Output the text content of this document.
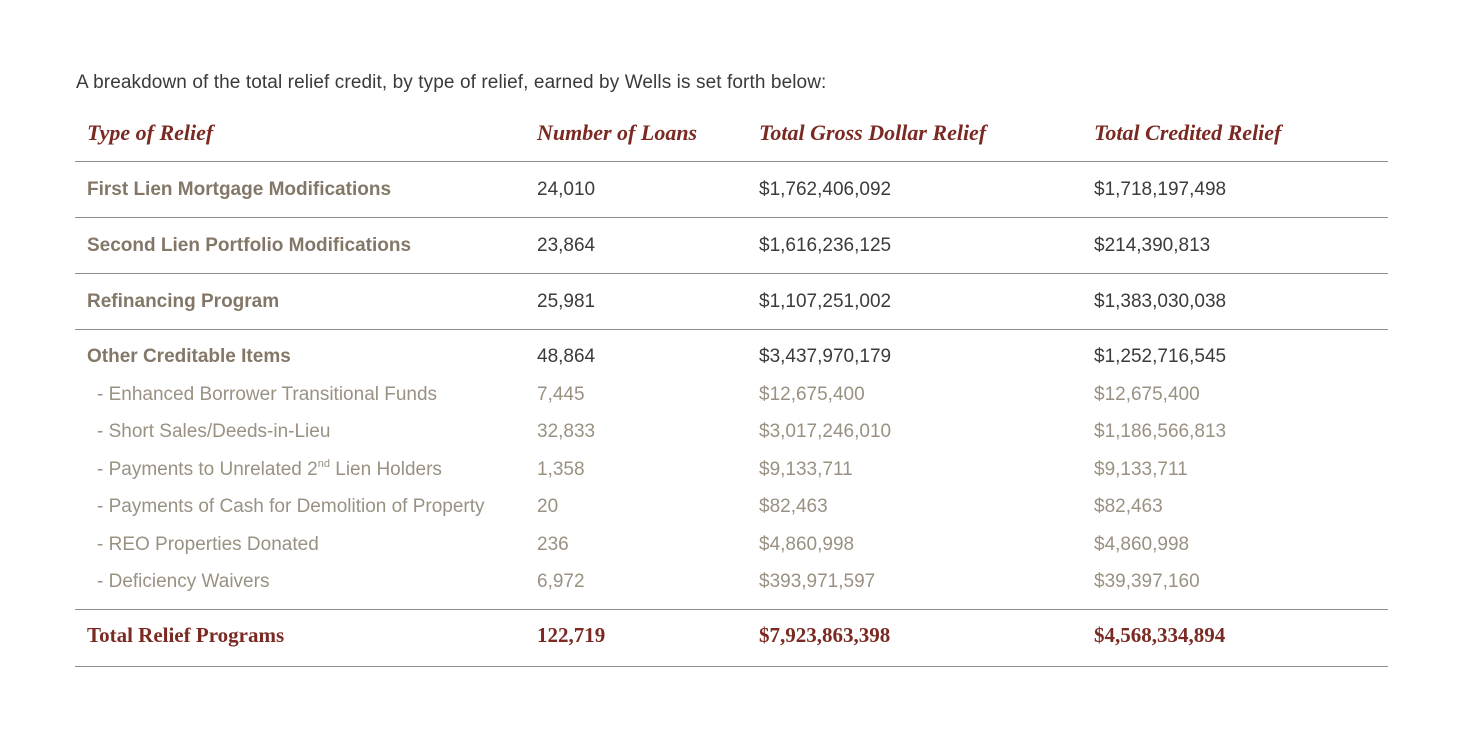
A breakdown of the total relief credit, by type of relief, earned by Wells is set forth below:
Type of Relief	Number of Loans	Total Gross Dollar Relief	Total Credited Relief
First Lien Mortgage Modifications	24,010	$1,762,406,092	$1,718,197,498
Second Lien Portfolio Modifications	23,864	$1,616,236,125	$214,390,813
Refinancing Program	25,981	$1,107,251,002	$1,383,030,038
Other Creditable Items	48,864	$3,437,970,179	$1,252,716,545
- Enhanced Borrower Transitional Funds	7,445	$12,675,400	$12,675,400
- Short Sales/Deeds-in-Lieu	32,833	$3,017,246,010	$1,186,566,813
- Payments to Unrelated 2nd Lien Holders	1,358	$9,133,711	$9,133,711
- Payments of Cash for Demolition of Property	20	$82,463	$82,463
- REO Properties Donated	236	$4,860,998	$4,860,998
- Deficiency Waivers	6,972	$393,971,597	$39,397,160
Total Relief Programs	122,719	$7,923,863,398	$4,568,334,894
